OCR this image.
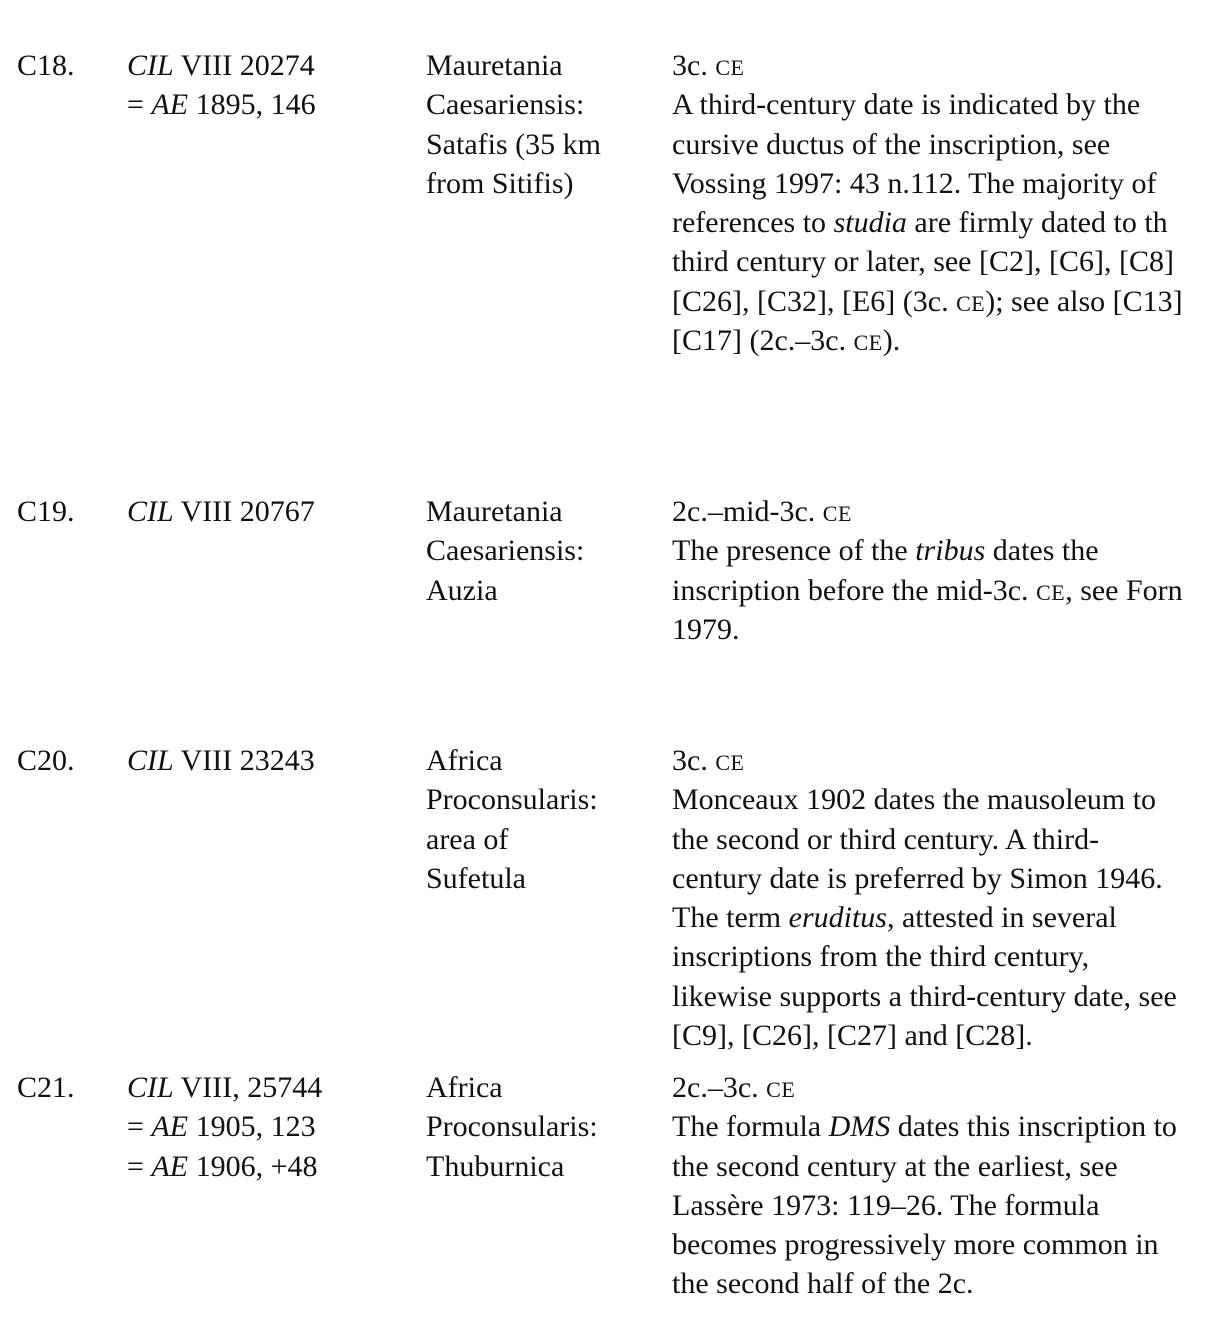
C18. CIL VIII 20274
= AE 1895, 146
Mauretania
Caesariensis:
Satafis (35 km
from Sitifis)
3c. CE
A third-century date is indicated by the
cursive ductus of the inscription, see
Vossing 1997: 43 n.112. The majority of
references to studia are firmly dated to th
third century or later, see [C2], [C6], [C8]
[C26], [C32], [E6] (3c. CE); see also [C13]
[C17] (2c.–3c. CE).
C19. CIL VIII 20767	Mauretania
Caesariensis:
Auzia
2c.–mid-3c. CE
The presence of the tribus dates the
inscription before the mid-3c. CE, see Forn
1979.
C20. CIL VIII 23243	Africa
Proconsularis:
area of
Sufetula
3c. CE
Monceaux 1902 dates the mausoleum to
the second or third century. A third-
century date is preferred by Simon 1946.
The term eruditus, attested in several
inscriptions from the third century,
likewise supports a third-century date, see
[C9], [C26], [C27] and [C28].
C21. CIL VIII, 25744
= AE 1905, 123
= AE 1906, +48
Africa
Proconsularis:
Thuburnica
2c.–3c. CE
The formula DMS dates this inscription to
the second century at the earliest, see
Lassère 1973: 119–26. The formula
becomes progressively more common in
the second half of the 2c.
